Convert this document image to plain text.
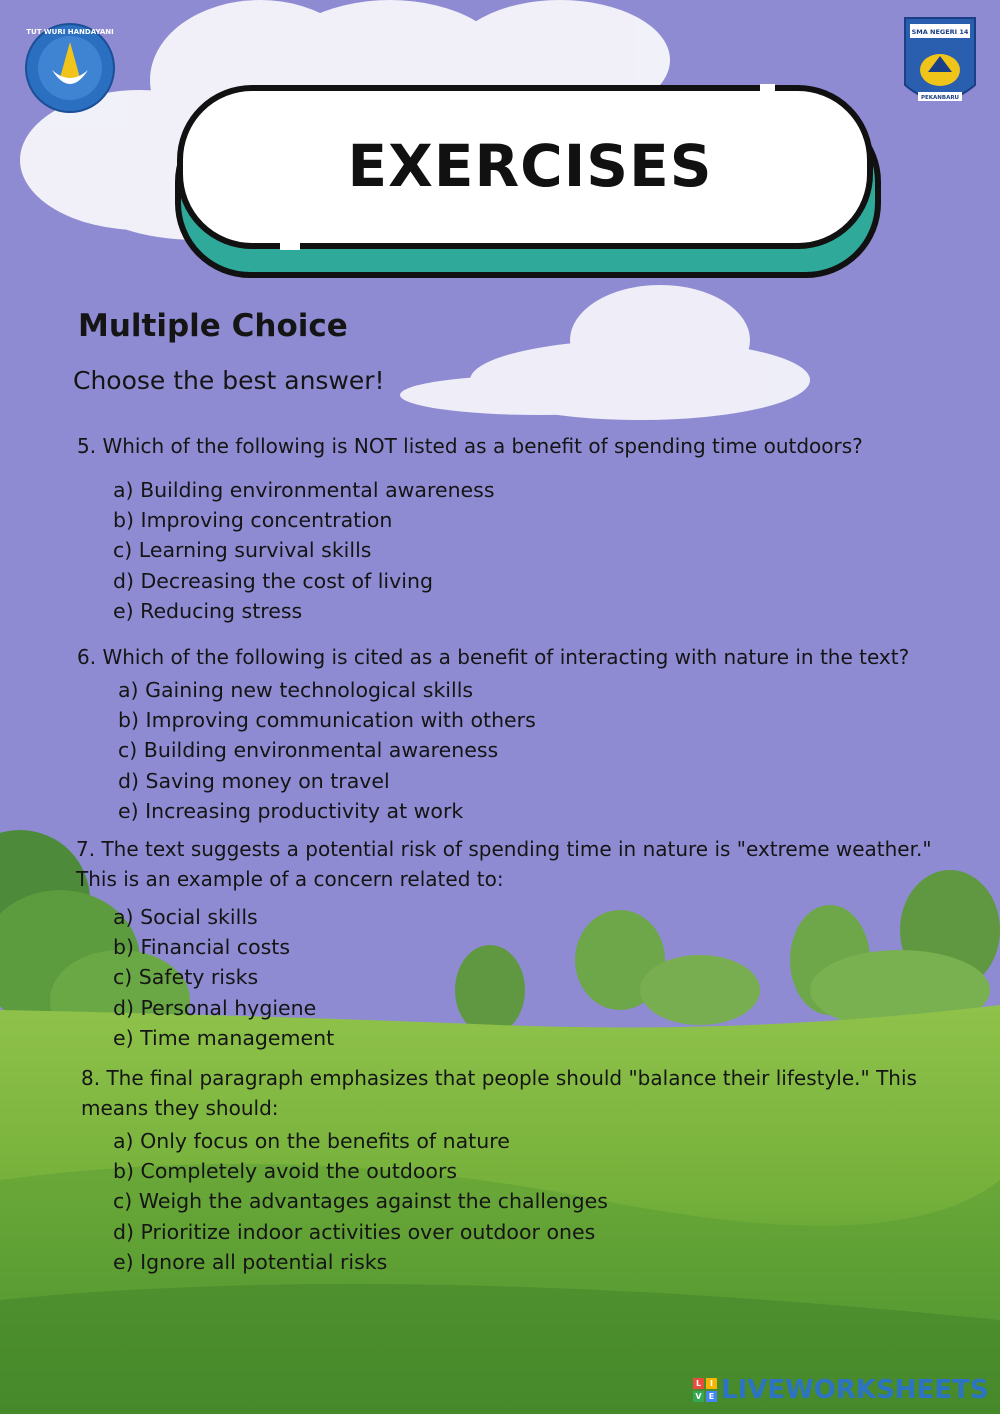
TUT WURI HANDAYANI	SMA NEGERI 14
PEKANBARU
EXERCISES
Multiple Choice
Choose the best answer!
5. Which of the following is NOT listed as a benefit of spending time outdoors?
a) Building environmental awareness
b) Improving concentration
c) Learning survival skills
d) Decreasing the cost of living
e) Reducing stress
6. Which of the following is cited as a benefit of interacting with nature in the text?
a) Gaining new technological skills
b) Improving communication with others
c) Building environmental awareness
d) Saving money on travel
e) Increasing productivity at work
7. The text suggests a potential risk of spending time in nature is "extreme weather."
This is an example of a concern related to:
a) Social skills
b) Financial costs
c) Safety risks
d) Personal hygiene
e) Time management
8. The final paragraph emphasizes that people should "balance their lifestyle." This
means they should:
a) Only focus on the benefits of nature
b) Completely avoid the outdoors
c) Weigh the advantages against the challenges
d) Prioritize indoor activities over outdoor ones
e) Ignore all potential risks
L	I
V E LIVEWORKSHEETS
